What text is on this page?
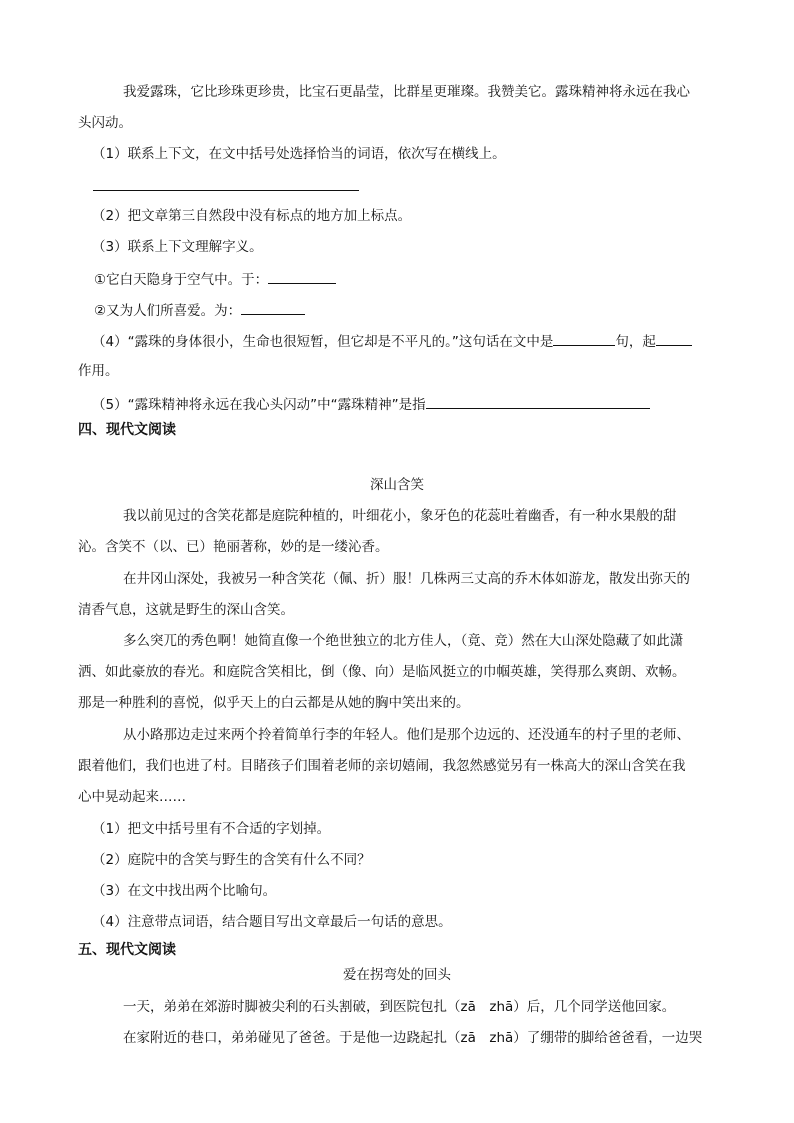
我爱露珠，它比珍珠更珍贵，比宝石更晶莹，比群星更璀璨。我赞美它。露珠精神将永远在我心
头闪动。
（1）联系上下文，在文中括号处选择恰当的词语，依次写在横线上。
（2）把文章第三自然段中没有标点的地方加上标点。
（3）联系上下文理解字义。
①它白天隐身于空气中。于：
②又为人们所喜爱。为：
（4）“露珠的身体很小，生命也很短暂，但它却是不平凡的。”这句话在文中是	句，起
作用。
（5）“露珠精神将永远在我心头闪动”中“露珠精神”是指
四、现代文阅读
深山含笑
我以前见过的含笑花都是庭院种植的，叶细花小，象牙色的花蕊吐着幽香，有一种水果般的甜
沁。含笑不（以、已）艳丽著称，妙的是一缕沁香。
在井冈山深处，我被另一种含笑花（佩、折）服！几株两三丈高的乔木体如游龙，散发出弥天的
清香气息，这就是野生的深山含笑。
多么突兀的秀色啊！她简直像一个绝世独立的北方佳人，（竟、竞）然在大山深处隐藏了如此潇
洒、如此豪放的春光。和庭院含笑相比，倒（像、向）是临风挺立的巾帼英雄，笑得那么爽朗、欢畅。
那是一种胜利的喜悦，似乎天上的白云都是从她的胸中笑出来的。
从小路那边走过来两个拎着简单行李的年轻人。他们是那个边远的、还没通车的村子里的老师、
跟着他们，我们也进了村。目睹孩子们围着老师的亲切嬉闹，我忽然感觉另有一株高大的深山含笑在我
心中晃动起来……
（1）把文中括号里有不合适的字划掉。
（2）庭院中的含笑与野生的含笑有什么不同？
（3）在文中找出两个比喻句。
（4）注意带点词语，结合题目写出文章最后一句话的意思。
五、现代文阅读
爱在拐弯处的回头
一天，弟弟在郊游时脚被尖利的石头割破，到医院包扎（zā　zhā）后，几个同学送他回家。
在家附近的巷口，弟弟碰见了爸爸。于是他一边跷起扎（zā　zhā）了绷带的脚给爸爸看，一边哭
